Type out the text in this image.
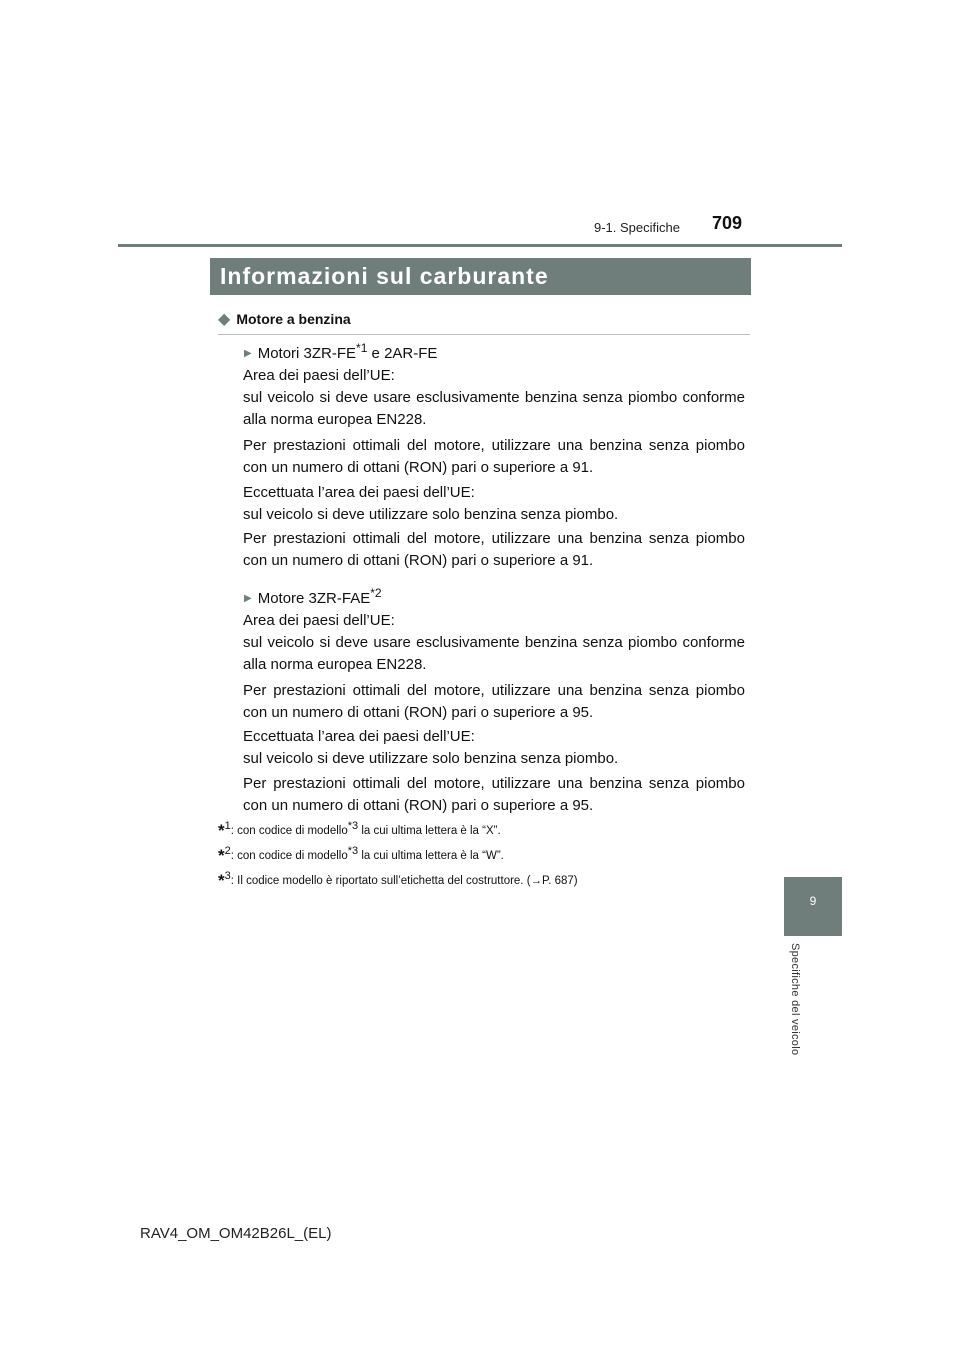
9-1. Specifiche 709
Informazioni sul carburante
◆ Motore a benzina
▶ Motori 3ZR-FE$^{*1}$ e 2AR-FE
Area dei paesi dell’UE:
sul veicolo si deve usare esclusivamente benzina senza piombo conforme
alla norma europea EN228.
Per prestazioni ottimali del motore, utilizzare una benzina senza piombo
con un numero di ottani (RON) pari o superiore a 91.
Eccettuata l’area dei paesi dell’UE:
sul veicolo si deve utilizzare solo benzina senza piombo.
Per prestazioni ottimali del motore, utilizzare una benzina senza piombo
con un numero di ottani (RON) pari o superiore a 91.
▶ Motore 3ZR-FAE$^{*2}$
Area dei paesi dell’UE:
sul veicolo si deve usare esclusivamente benzina senza piombo conforme
alla norma europea EN228.
Per prestazioni ottimali del motore, utilizzare una benzina senza piombo
con un numero di ottani (RON) pari o superiore a 95.
Eccettuata l’area dei paesi dell’UE:
sul veicolo si deve utilizzare solo benzina senza piombo.
Per prestazioni ottimali del motore, utilizzare una benzina senza piombo
con un numero di ottani (RON) pari o superiore a 95.
*$^1$: con codice di modello$^{*3}$ la cui ultima lettera è la “X”.
*$^2$: con codice di modello$^{*3}$ la cui ultima lettera è la “W”.
*$^3$: Il codice modello è riportato sull’etichetta del costruttore. (→P. 687)
9
Specifiche del veicolo
RAV4_OM_OM42B26L_(EL)
